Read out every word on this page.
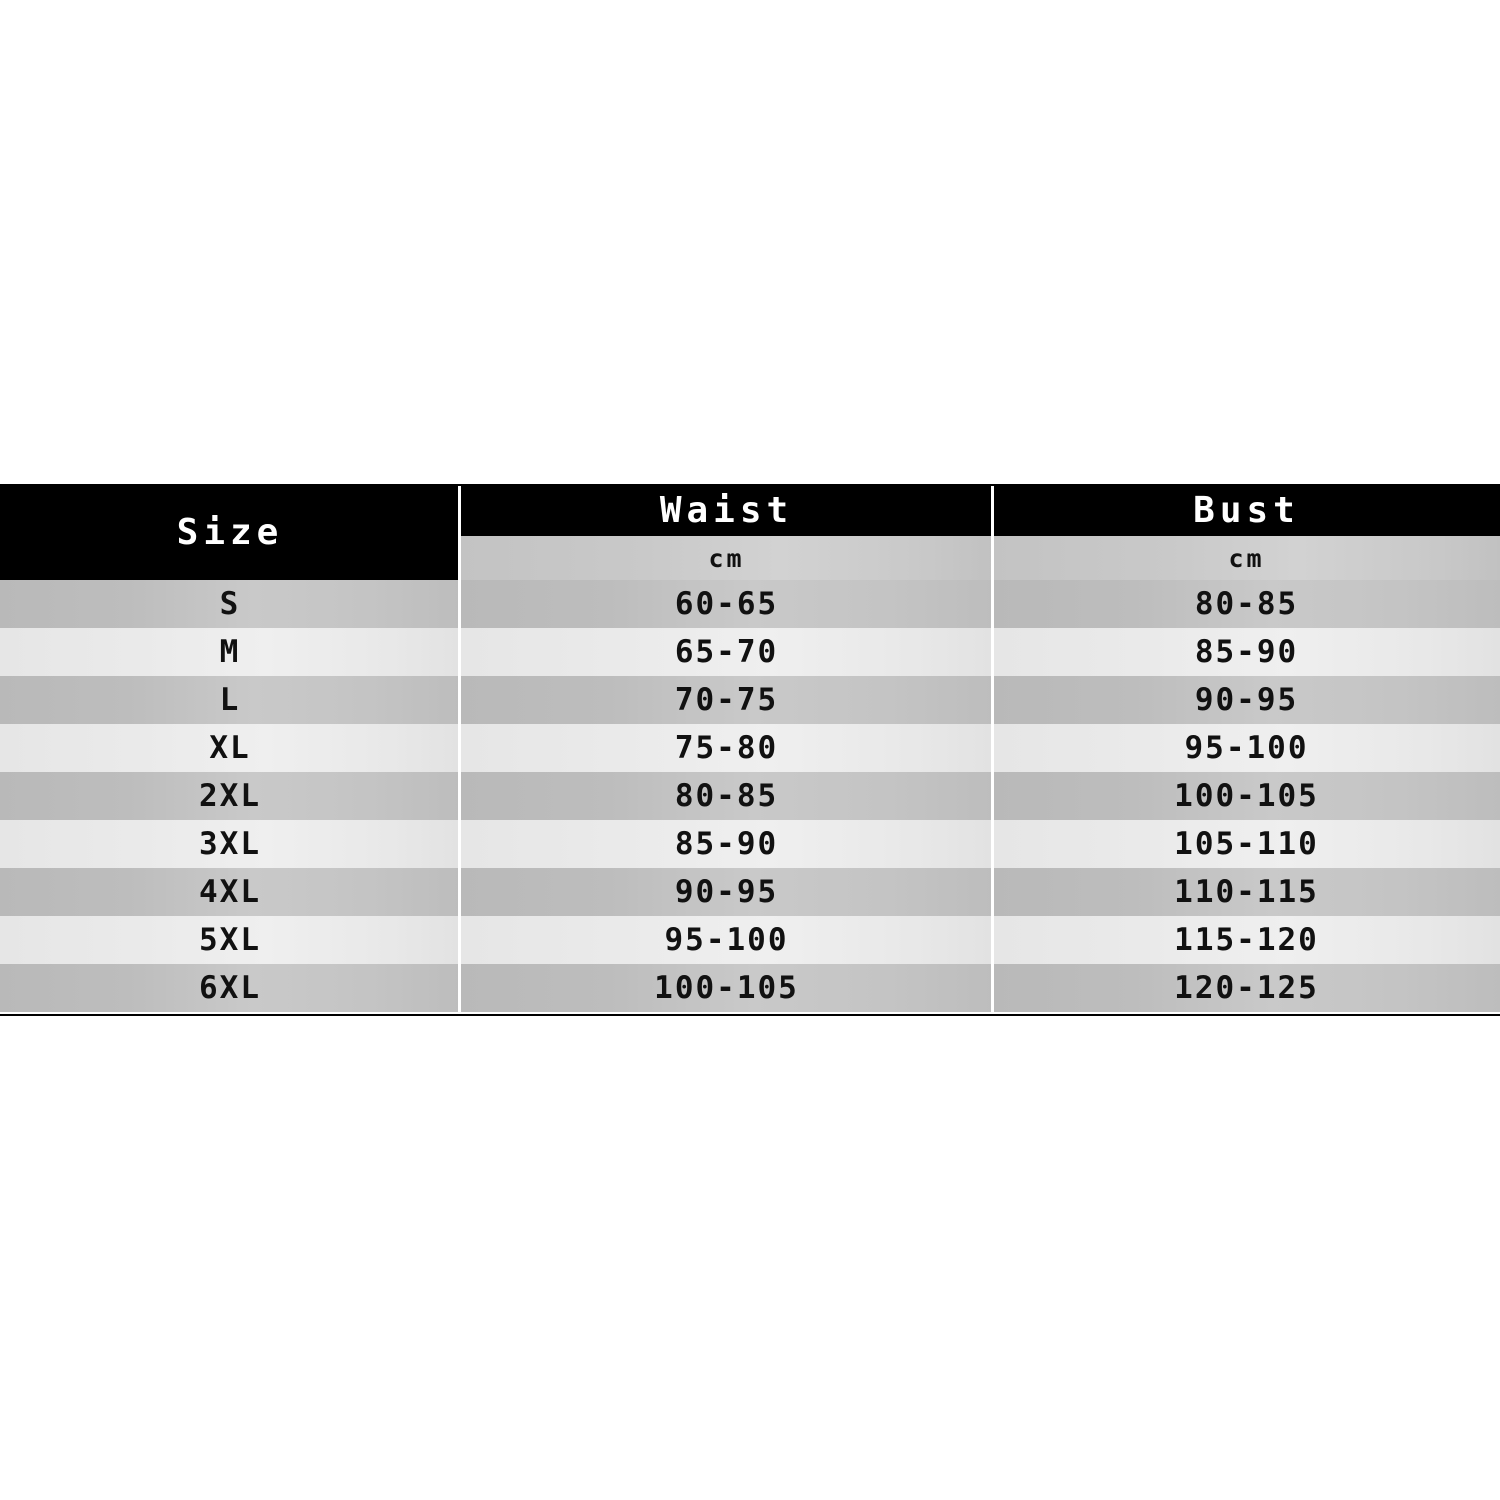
Size	Waist	Bust
	cm	cm
S	60-65	80-85
M	65-70	85-90
L	70-75	90-95
XL	75-80	95-100
2XL	80-85	100-105
3XL	85-90	105-110
4XL	90-95	110-115
5XL	95-100	115-120
6XL	100-105	120-125
